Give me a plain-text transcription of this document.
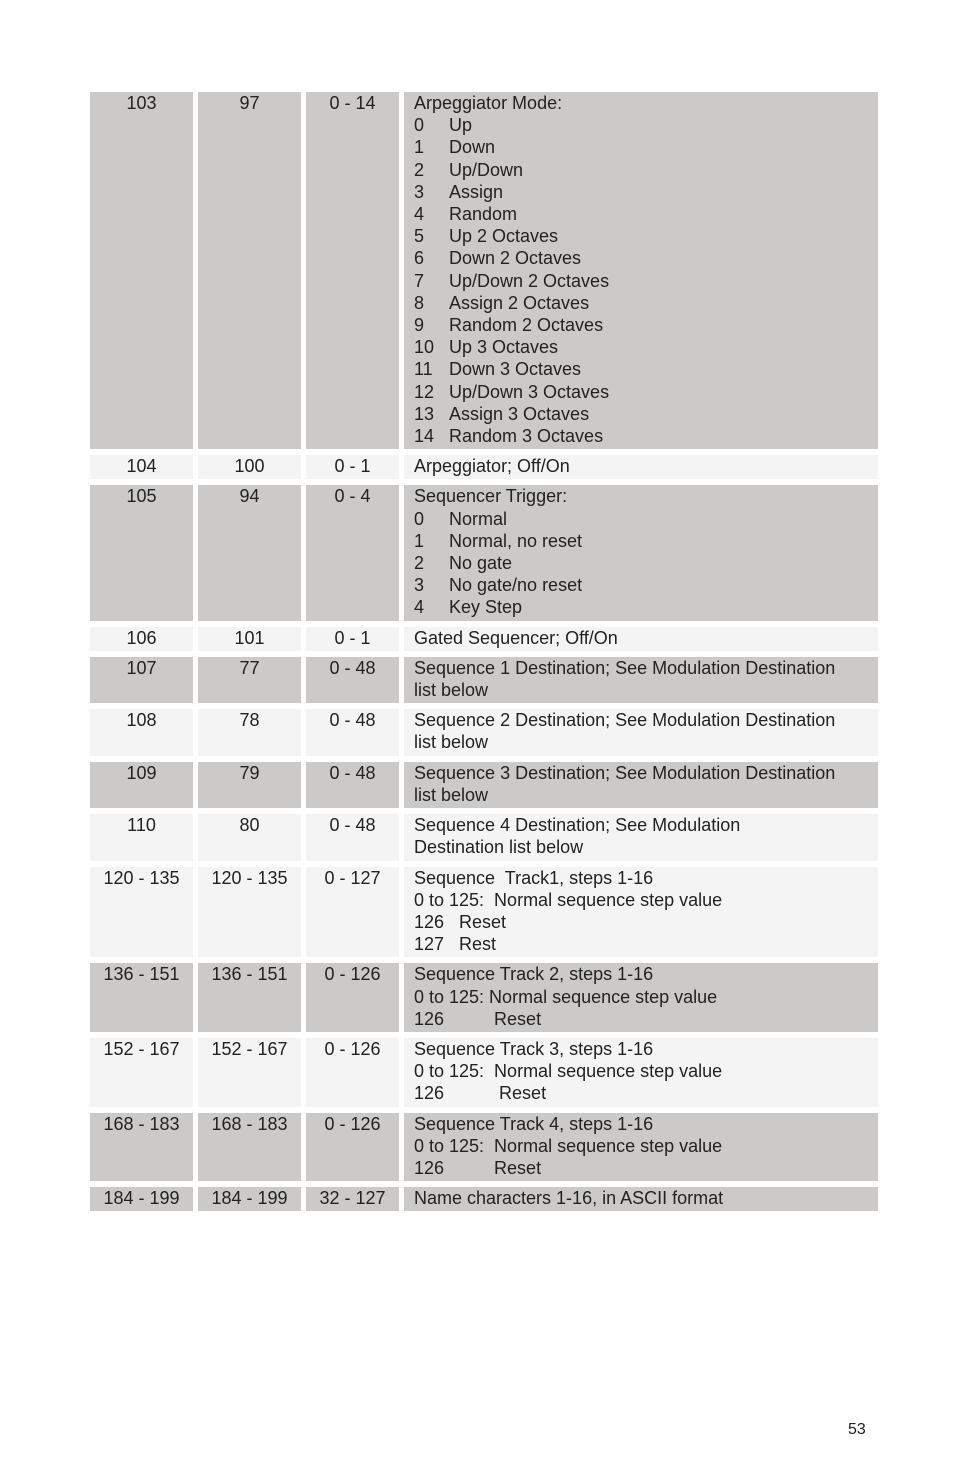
103	97	0 - 14	Arpeggiator Mode:
0 Up
1 Down
2 Up/Down
3 Assign
4 Random
5 Up 2 Octaves
6 Down 2 Octaves
7 Up/Down 2 Octaves
8 Assign 2 Octaves
9 Random 2 Octaves
10 Up 3 Octaves
11 Down 3 Octaves
12 Up/Down 3 Octaves
13 Assign 3 Octaves
14 Random 3 Octaves
104	100	0 - 1	Arpeggiator; Off/On
105	94	0 - 4	Sequencer Trigger:
0 Normal
1 Normal, no reset
2 No gate
3 No gate/no reset
4 Key Step
106	101	0 - 1	Gated Sequencer; Off/On
107	77	0 - 48	Sequence 1 Destination; See Modulation Destination
list below
108	78	0 - 48	Sequence 2 Destination; See Modulation Destination
list below
109	79	0 - 48	Sequence 3 Destination; See Modulation Destination
list below
110	80	0 - 48	Sequence 4 Destination; See Modulation
Destination list below
120 - 135	120 - 135	0 - 127	Sequence  Track1, steps 1-16
0 to 125:  Normal sequence step value
126   Reset
127   Rest
136 - 151	136 - 151	0 - 126	Sequence Track 2, steps 1-16
0 to 125: Normal sequence step value
126          Reset
152 - 167	152 - 167	0 - 126	Sequence Track 3, steps 1-16
0 to 125:  Normal sequence step value
126           Reset
168 - 183	168 - 183	0 - 126	Sequence Track 4, steps 1-16
0 to 125:  Normal sequence step value
126          Reset
184 - 199	184 - 199	32 - 127	Name characters 1-16, in ASCII format
53
